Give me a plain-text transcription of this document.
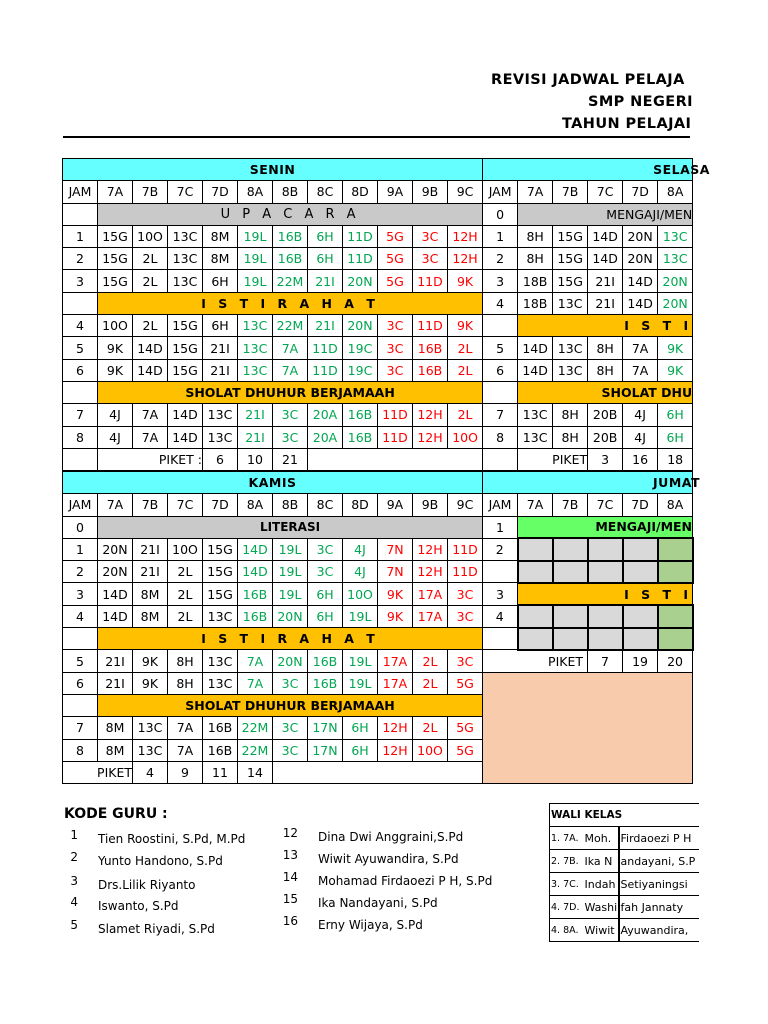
REVISI JADWAL PELAJA
SMP NEGERI
TAHUN PELAJAI
SENIN												SELASA					
JAM	7A	7B	7C	7D	8A	8B	8C	8D	9A	9B	9C	JAM	7A	7B	7C	7D	8A
	U P A C A R A											0	MENGAJI/MEN				
1	15G	10O	13C	8M	19L	16B	6H	11D	5G	3C	12H	1	8H	15G	14D	20N	13C
2	15G	2L	13C	8M	19L	16B	6H	11D	5G	3C	12H	2	8H	15G	14D	20N	13C
3	15G	2L	13C	6H	19L	22M	21I	20N	5G	11D	9K	3	18B	15G	21I	14D	20N
	I S T I R A H A T											4	18B	13C	21I	14D	20N
4	10O	2L	15G	6H	13C	22M	21I	20N	3C	11D	9K		I S T I				
5	9K	14D	15G	21I	13C	7A	11D	19C	3C	16B	2L	5	14D	13C	8H	7A	9K
6	9K	14D	15G	21I	13C	7A	11D	19C	3C	16B	2L	6	14D	13C	8H	7A	9K
	SHOLAT DHUHUR BERJAMAAH												SHOLAT DHU				
7	4J	7A	14D	13C	21I	3C	20A	16B	11D	12H	2L	7	13C	8H	20B	4J	6H
8	4J	7A	14D	13C	21I	3C	20A	16B	11D	12H	10O	8	13C	8H	20B	4J	6H
	PIKET :			6	10	21							PIKET		3	16	18
KAMIS												JUMAT					
JAM	7A	7B	7C	7D	8A	8B	8C	8D	9A	9B	9C	JAM	7A	7B	7C	7D	8A
0	LITERASI											1	MENGAJI/MEN				
1	20N	21I	10O	15G	14D	19L	3C	4J	7N	12H	11D	2					
2	20N	21I	2L	15G	14D	19L	3C	4J	7N	12H	11D						
3	14D	8M	2L	15G	16B	19L	6H	10O	9K	17A	3C	3	I S T I				
4	14D	8M	2L	13C	16B	20N	6H	19L	9K	17A	3C	4					
	I S T I R A H A T																
5	21I	9K	8H	13C	7A	20N	16B	19L	17A	2L	3C	PIKET			7	19	20
6	21I	9K	8H	13C	7A	3C	16B	19L	17A	2L	5G						
	SHOLAT DHUHUR BERJAMAAH																
7	8M	13C	7A	16B	22M	3C	17N	6H	12H	2L	5G						
8	8M	13C	7A	16B	22M	3C	17N	6H	12H	10O	5G						
PIKET		4	9	11	14												
KODE GURU :
1 Tien Roostini, S.Pd, M.Pd
2 Yunto Handono, S.Pd
3 Drs.Lilik Riyanto
4 Iswanto, S.Pd
5 Slamet Riyadi, S.Pd
12 Dina Dwi Anggraini,S.Pd
13 Wiwit Ayuwandira, S.Pd
14 Mohamad Firdaoezi P H, S.Pd
15 Ika Nandayani, S.Pd
16 Erny Wijaya, S.Pd
WALI KELAS		
1. 7A.	Moh.	Firdaoezi P H
2. 7B.	Ika N	andayani, S.P
3. 7C.	Indah	Setiyaningsi
4. 7D.	Washi	fah Jannaty
4. 8A.	Wiwit	Ayuwandira,
